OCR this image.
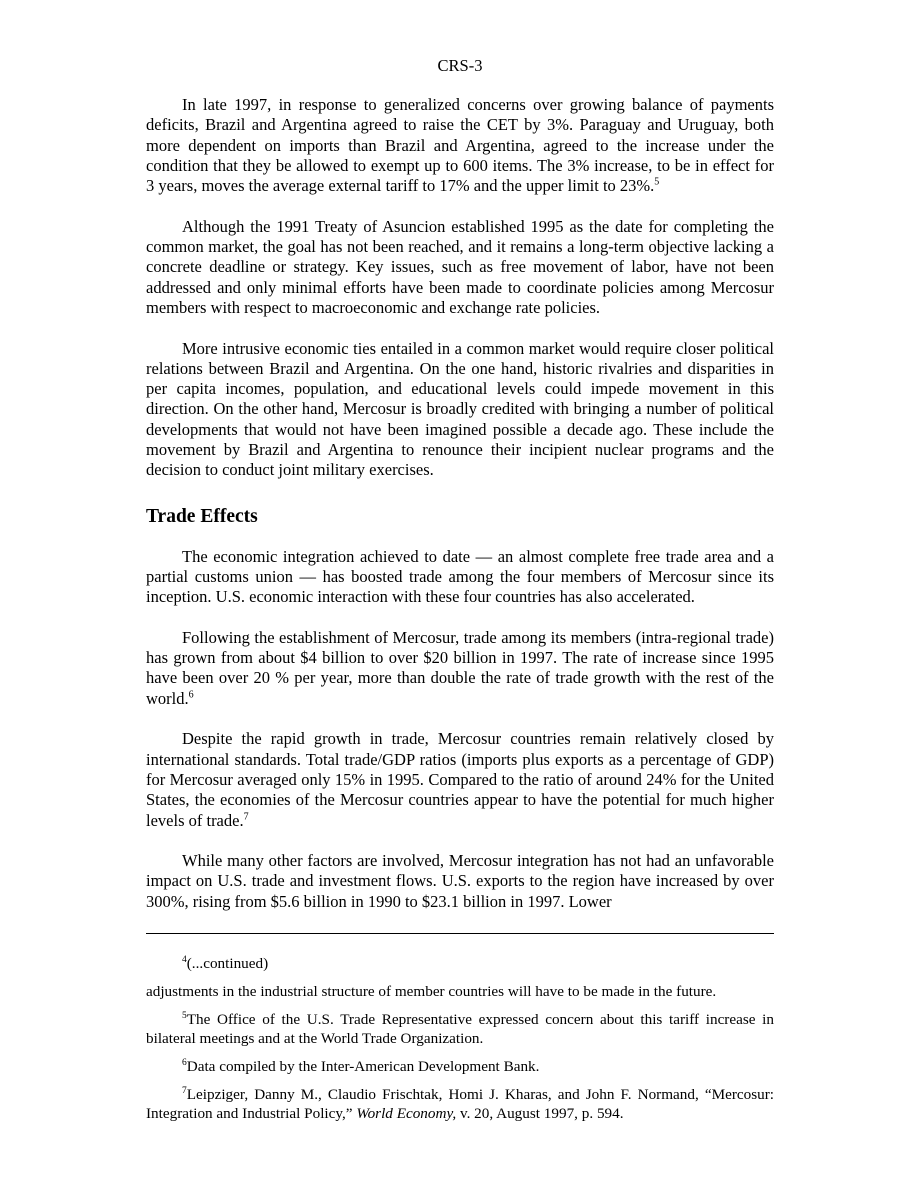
CRS-3

In late 1997, in response to generalized concerns over growing balance of payments deficits, Brazil and Argentina agreed to raise the CET by 3%. Paraguay and Uruguay, both more dependent on imports than Brazil and Argentina, agreed to the increase under the condition that they be allowed to exempt up to 600 items. The 3% increase, to be in effect for 3 years, moves the average external tariff to 17% and the upper limit to 23%.$^5$

Although the 1991 Treaty of Asuncion established 1995 as the date for completing the common market, the goal has not been reached, and it remains a long-term objective lacking a concrete deadline or strategy. Key issues, such as free movement of labor, have not been addressed and only minimal efforts have been made to coordinate policies among Mercosur members with respect to macroeconomic and exchange rate policies.

More intrusive economic ties entailed in a common market would require closer political relations between Brazil and Argentina. On the one hand, historic rivalries and disparities in per capita incomes, population, and educational levels could impede movement in this direction. On the other hand, Mercosur is broadly credited with bringing a number of political developments that would not have been imagined possible a decade ago. These include the movement by Brazil and Argentina to renounce their incipient nuclear programs and the decision to conduct joint military exercises.

Trade Effects

The economic integration achieved to date — an almost complete free trade area and a partial customs union — has boosted trade among the four members of Mercosur since its inception. U.S. economic interaction with these four countries has also accelerated.

Following the establishment of Mercosur, trade among its members (intra-regional trade) has grown from about $4 billion to over $20 billion in 1997. The rate of increase since 1995 have been over 20 % per year, more than double the rate of trade growth with the rest of the world.$^6$

Despite the rapid growth in trade, Mercosur countries remain relatively closed by international standards. Total trade/GDP ratios (imports plus exports as a percentage of GDP) for Mercosur averaged only 15% in 1995. Compared to the ratio of around 24% for the United States, the economies of the Mercosur countries appear to have the potential for much higher levels of trade.$^7$

While many other factors are involved, Mercosur integration has not had an unfavorable impact on U.S. trade and investment flows. U.S. exports to the region have increased by over 300%, rising from $5.6 billion in 1990 to $23.1 billion in 1997. Lower

$^4$(...continued)

adjustments in the industrial structure of member countries will have to be made in the future.

$^5$The Office of the U.S. Trade Representative expressed concern about this tariff increase in bilateral meetings and at the World Trade Organization.

$^6$Data compiled by the Inter-American Development Bank.

$^7$Leipziger, Danny M., Claudio Frischtak, Homi J. Kharas, and John F. Normand, “Mercosur: Integration and Industrial Policy,” World Economy, v. 20, August 1997, p. 594.
